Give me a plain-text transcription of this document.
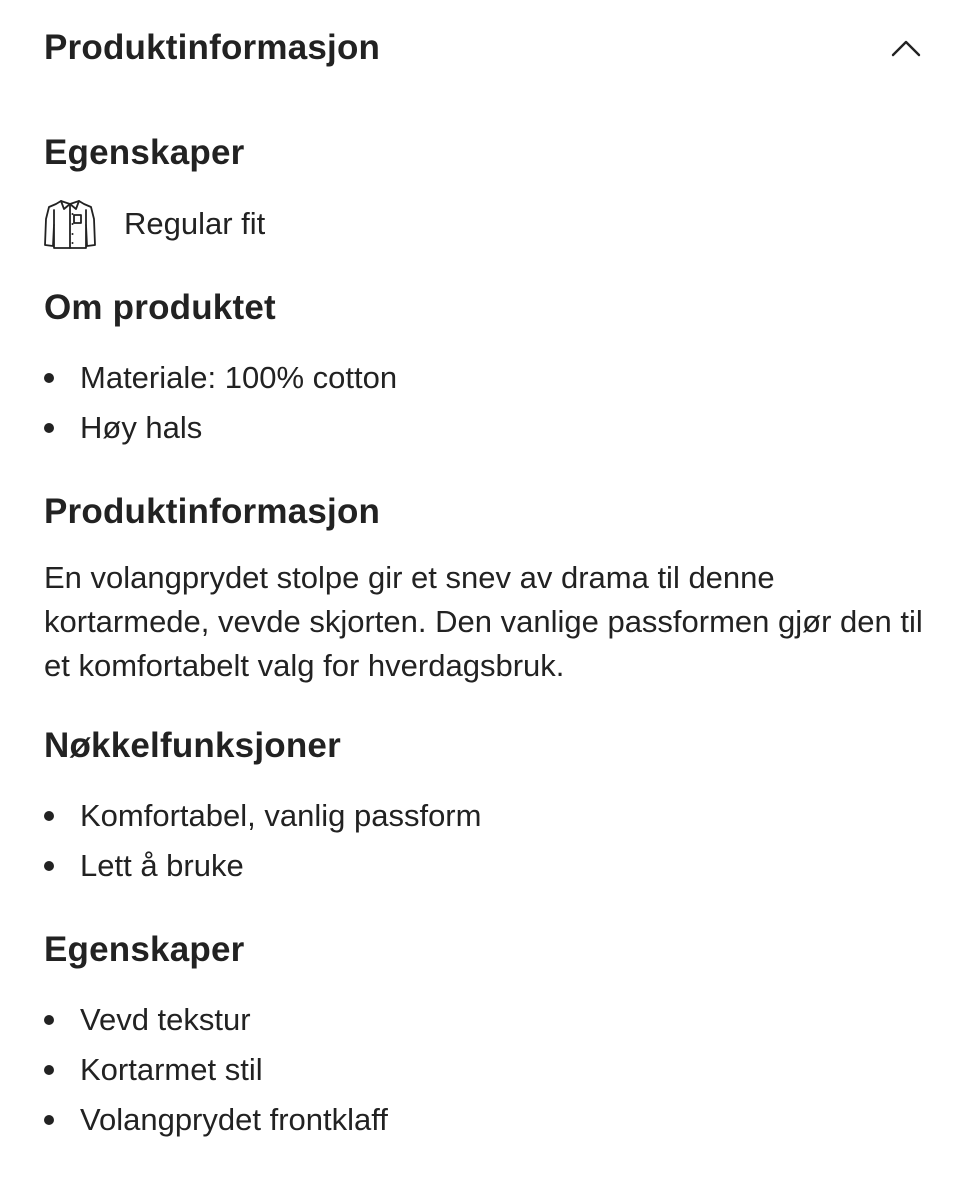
Produktinformasjon
Egenskaper
Regular fit
Om produktet
Materiale: 100% cotton
Høy hals
Produktinformasjon

En volangprydet stolpe gir et snev av drama til denne kortarmede, vevde skjorten. Den vanlige passformen gjør den til et komfortabelt valg for hverdagsbruk.

Nøkkelfunksjoner
Komfortabel, vanlig passform
Lett å bruke
Egenskaper
Vevd tekstur
Kortarmet stil
Volangprydet frontklaff
